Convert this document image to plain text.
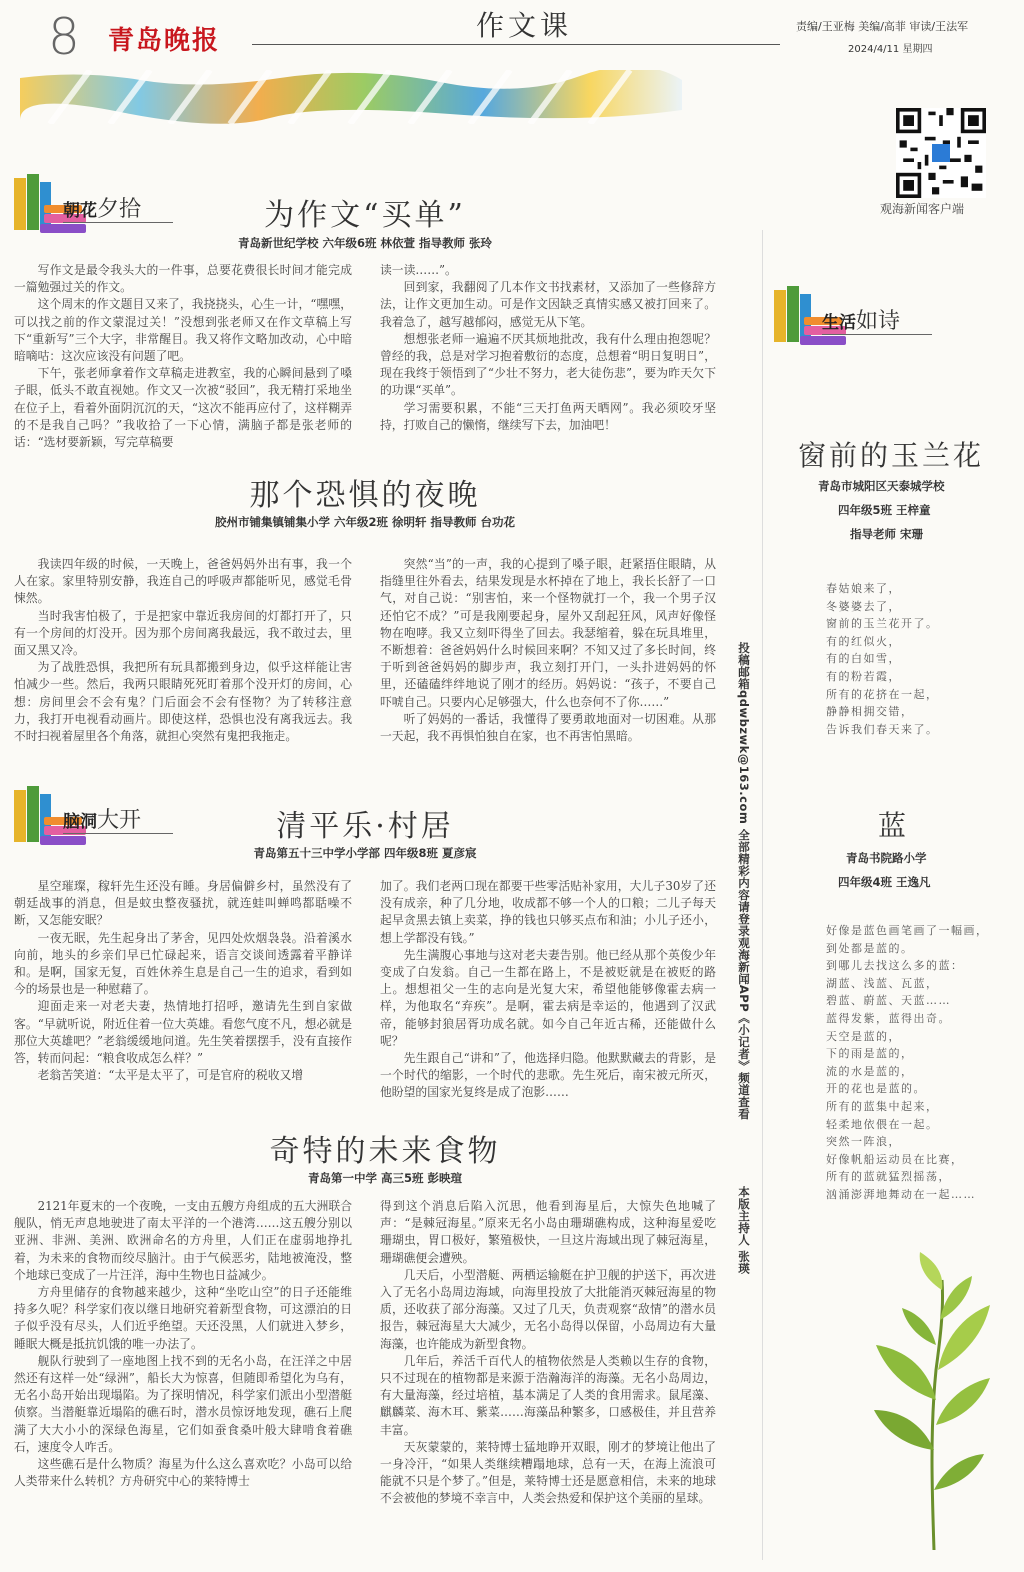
8 青岛晚报	作文课	责编/王亚梅 美编/高菲 审读/王法军
2024/4/11 星期四
观海新闻客户端
朝花夕拾	为作文“买单”
青岛新世纪学校 六年级6班 林依萱 指导教师 张玲

写作文是最令我头大的一件事，总要花费很长时间才能完成一篇勉强过关的作文。

这个周末的作文题目又来了，我挠挠头，心生一计，“嘿嘿，可以找之前的作文蒙混过关！”没想到张老师又在作文草稿上写下“重新写”三个大字，非常醒目。我又将作文略加改动，心中暗暗嘀咕：这次应该没有问题了吧。

下午，张老师拿着作文草稿走进教室，我的心瞬间悬到了嗓子眼，低头不敢直视她。作文又一次被“驳回”，我无精打采地坐在位子上，看着外面阴沉沉的天，“这次不能再应付了，这样糊弄的不是我自己吗？”我收拾了一下心情，满脑子都是张老师的话：“选材要新颖，写完草稿要

读一读……”。

回到家，我翻阅了几本作文书找素材，又添加了一些修辞方法，让作文更加生动。可是作文因缺乏真情实感又被打回来了。我着急了，越写越郁闷，感觉无从下笔。

想想张老师一遍遍不厌其烦地批改，我有什么理由抱怨呢？曾经的我，总是对学习抱着敷衍的态度，总想着“明日复明日”，现在我终于领悟到了“少壮不努力，老大徒伤悲”，要为昨天欠下的功课“买单”。

学习需要积累，不能“三天打鱼两天晒网”。我必须咬牙坚持，打败自己的懒惰，继续写下去，加油吧！

那个恐惧的夜晚
胶州市铺集镇铺集小学 六年级2班 徐明轩 指导教师 台功花

我读四年级的时候，一天晚上，爸爸妈妈外出有事，我一个人在家。家里特别安静，我连自己的呼吸声都能听见，感觉毛骨悚然。

当时我害怕极了，于是把家中靠近我房间的灯都打开了，只有一个房间的灯没开。因为那个房间离我最远，我不敢过去，里面又黑又冷。

为了战胜恐惧，我把所有玩具都搬到身边，似乎这样能让害怕减少一些。然后，我两只眼睛死死盯着那个没开灯的房间，心想：房间里会不会有鬼？门后面会不会有怪物？为了转移注意力，我打开电视看动画片。即使这样，恐惧也没有离我远去。我不时扫视着屋里各个角落，就担心突然有鬼把我拖走。

突然“当”的一声，我的心提到了嗓子眼，赶紧捂住眼睛，从指缝里往外看去，结果发现是水杯掉在了地上，我长长舒了一口气，对自己说：“别害怕，来一个怪物就打一个，我一个男子汉还怕它不成？”可是我刚要起身，屋外又刮起狂风，风声好像怪物在咆哮。我又立刻吓得坐了回去。我瑟缩着，躲在玩具堆里，不断想着：爸爸妈妈什么时候回来啊？不知又过了多长时间，终于听到爸爸妈妈的脚步声，我立刻打开门，一头扑进妈妈的怀里，还磕磕绊绊地说了刚才的经历。妈妈说：“孩子，不要自己吓唬自己。只要内心足够强大，什么也奈何不了你……”

听了妈妈的一番话，我懂得了要勇敢地面对一切困难。从那一天起，我不再惧怕独自在家，也不再害怕黑暗。

脑洞大开	清平乐·村居
青岛第五十三中学小学部 四年级8班 夏彦宸

星空璀璨，稼轩先生还没有睡。身居偏僻乡村，虽然没有了朝廷战事的消息，但是蚊虫整夜骚扰，就连蛙叫蝉鸣都聒噪不断，又怎能安眠？

一夜无眠，先生起身出了茅舍，见四处炊烟袅袅。沿着溪水向前，地头的乡亲们早已忙碌起来，语言交谈间透露着平静详和。是啊，国家无复，百姓休养生息是自己一生的追求，看到如今的场景也是一种慰藉了。

迎面走来一对老夫妻，热情地打招呼，邀请先生到自家做客。“早就听说，附近住着一位大英雄。看您气度不凡，想必就是那位大英雄吧？”老翁缓缓地问道。先生笑着摆摆手，没有直接作答，转而问起：“粮食收成怎么样？”

老翁苦笑道：“太平是太平了，可是官府的税收又增

加了。我们老两口现在都要干些零活贴补家用，大儿子30岁了还没有成亲，种了几分地，收成都不够一个人的口粮；二儿子每天起早贪黑去镇上卖菜，挣的钱也只够买点布和油；小儿子还小，想上学都没有钱。”

先生满腹心事地与这对老夫妻告别。他已经从那个英俊少年变成了白发翁。自己一生都在路上，不是被贬就是在被贬的路上。想想祖父一生的志向是光复大宋，希望他能够像霍去病一样，为他取名“弃疾”。是啊，霍去病是幸运的，他遇到了汉武帝，能够封狼居胥功成名就。如今自己年近古稀，还能做什么呢？

先生跟自己“讲和”了，他选择归隐。他默默藏去的背影，是一个时代的缩影，一个时代的悲歌。先生死后，南宋被元所灭，他盼望的国家光复终是成了泡影……

奇特的未来食物
青岛第一中学 高三5班 彭映瑄

2121年夏末的一个夜晚，一支由五艘方舟组成的五大洲联合舰队，悄无声息地驶进了南太平洋的一个港湾……这五艘分别以亚洲、非洲、美洲、欧洲命名的方舟里，人们正在虚弱地挣扎着，为未来的食物而绞尽脑汁。由于气候恶劣，陆地被淹没，整个地球已变成了一片汪洋，海中生物也日益减少。

方舟里储存的食物越来越少，这种“坐吃山空”的日子还能维持多久呢？科学家们夜以继日地研究着新型食物，可这漂泊的日子似乎没有尽头，人们近乎绝望。天还没黑，人们就进入梦乡，睡眠大概是抵抗饥饿的唯一办法了。

舰队行驶到了一座地图上找不到的无名小岛，在汪洋之中居然还有这样一处“绿洲”，船长大为惊喜，但随即希望化为乌有，无名小岛开始出现塌陷。为了探明情况，科学家们派出小型潜艇侦察。当潜艇靠近塌陷的礁石时，潜水员惊讶地发现，礁石上爬满了大大小小的深绿色海星，它们如蚕食桑叶般大肆啃食着礁石，速度令人咋舌。

这些礁石是什么物质？海星为什么这么喜欢吃？小岛可以给人类带来什么转机？方舟研究中心的莱特博士

得到这个消息后陷入沉思，他看到海星后，大惊失色地喊了声：“是棘冠海星。”原来无名小岛由珊瑚礁构成，这种海星爱吃珊瑚虫，胃口极好，繁殖极快，一旦这片海域出现了棘冠海星，珊瑚礁便会遭殃。

几天后，小型潜艇、两栖运输艇在护卫舰的护送下，再次进入了无名小岛周边海域，向海里投放了大批能消灭棘冠海星的物质，还收获了部分海藻。又过了几天，负责观察“敌情”的潜水员报告，棘冠海星大大减少，无名小岛得以保留，小岛周边有大量海藻，也许能成为新型食物。

几年后，养活千百代人的植物依然是人类赖以生存的食物，只不过现在的植物都是来源于浩瀚海洋的海藻。无名小岛周边，有大量海藻，经过培植，基本满足了人类的食用需求。鼠尾藻、麒麟菜、海木耳、紫菜……海藻品种繁多，口感极佳，并且营养丰富。

天灰蒙蒙的，莱特博士猛地睁开双眼，刚才的梦境让他出了一身冷汗，“如果人类继续糟蹋地球，总有一天，在海上流浪可能就不只是个梦了。”但是，莱特博士还是愿意相信，未来的地球不会被他的梦境不幸言中，人类会热爱和保护这个美丽的星球。

投稿邮箱qdwbzwk@163.com 全部精彩内容请登录观海新闻APP《小记者》频道查看
本版主持人 张瑛
生活如诗
窗前的玉兰花
青岛市城阳区天泰城学校
四年级5班 王梓童
指导老师 宋珊
春姑娘来了，
冬婆婆去了，
窗前的玉兰花开了。
有的红似火，
有的白如雪，
有的粉若霞，
所有的花挤在一起，
静静相拥交错，
告诉我们春天来了。
蓝
青岛书院路小学
四年级4班 王逸凡
好像是蓝色画笔画了一幅画，
到处都是蓝的。
到哪儿去找这么多的蓝：
湖蓝、浅蓝、瓦蓝，
碧蓝、蔚蓝、天蓝……
蓝得发紫，蓝得出奇。
天空是蓝的，
下的雨是蓝的，
流的水是蓝的，
开的花也是蓝的。
所有的蓝集中起来，
轻柔地依偎在一起。
突然一阵浪，
好像帆船运动员在比赛，
所有的蓝就猛烈摇荡，
汹涌澎湃地舞动在一起……
